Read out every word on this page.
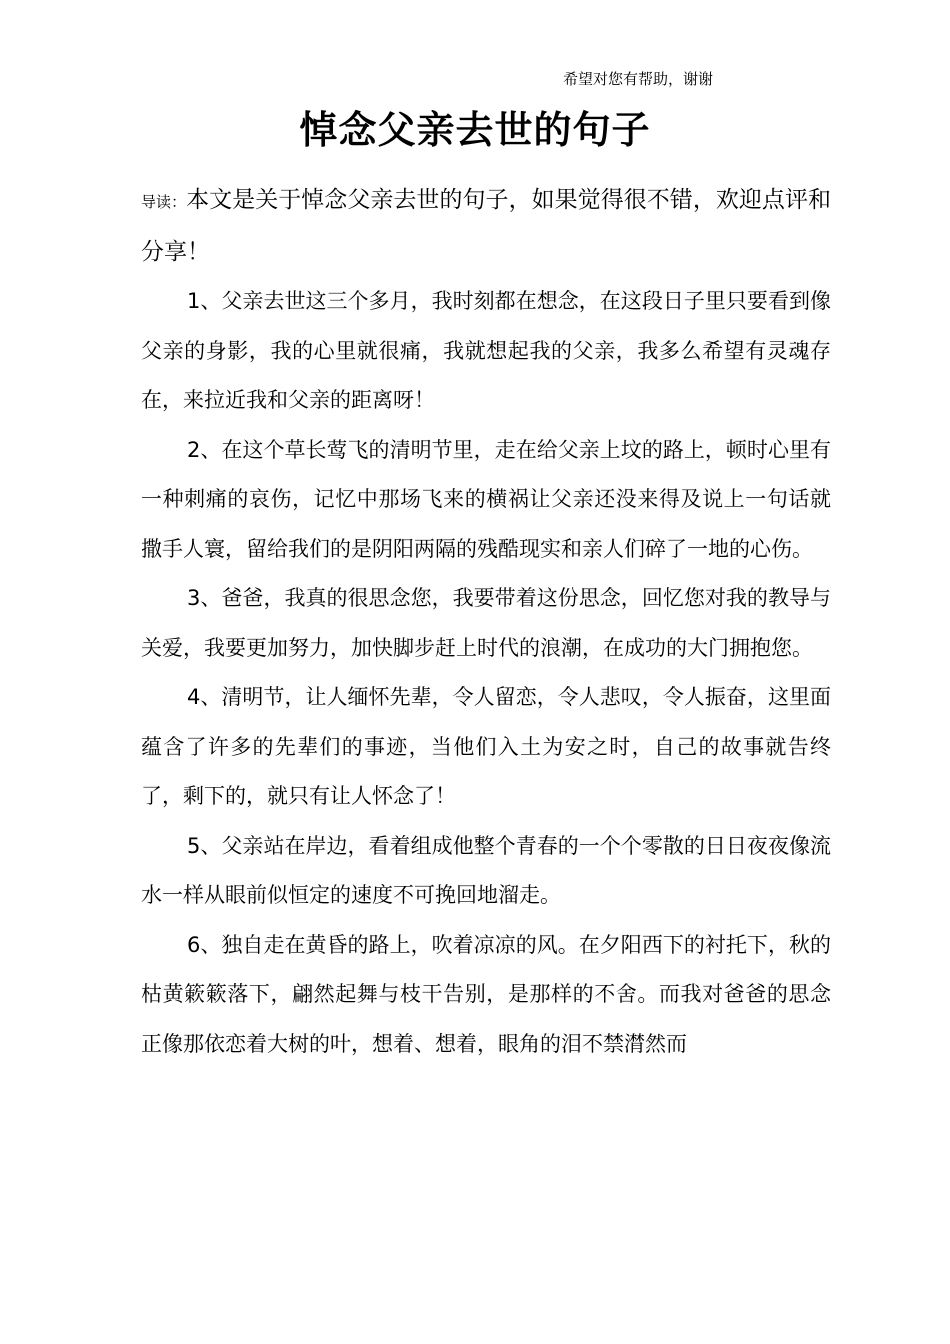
希望对您有帮助，谢谢
悼念父亲去世的句子

导读：本文是关于悼念父亲去世的句子，如果觉得很不错，欢迎点评和分享！

1、父亲去世这三个多月，我时刻都在想念，在这段日子里只要看到像父亲的身影，我的心里就很痛，我就想起我的父亲，我多么希望有灵魂存在，来拉近我和父亲的距离呀！

2、在这个草长莺飞的清明节里，走在给父亲上坟的路上，顿时心里有一种刺痛的哀伤，记忆中那场飞来的横祸让父亲还没来得及说上一句话就撒手人寰，留给我们的是阴阳两隔的残酷现实和亲人们碎了一地的心伤。

3、爸爸，我真的很思念您，我要带着这份思念，回忆您对我的教导与关爱，我要更加努力，加快脚步赶上时代的浪潮，在成功的大门拥抱您。

4、清明节，让人缅怀先辈，令人留恋，令人悲叹，令人振奋，这里面蕴含了许多的先辈们的事迹，当他们入土为安之时，自己的故事就告终了，剩下的，就只有让人怀念了！

5、父亲站在岸边，看着组成他整个青春的一个个零散的日日夜夜像流水一样从眼前似恒定的速度不可挽回地溜走。

6、独自走在黄昏的路上，吹着凉凉的风。在夕阳西下的衬托下，秋的枯黄簌簌落下，翩然起舞与枝干告别，是那样的不舍。而我对爸爸的思念正像那依恋着大树的叶，想着、想着，眼角的泪不禁潸然而
